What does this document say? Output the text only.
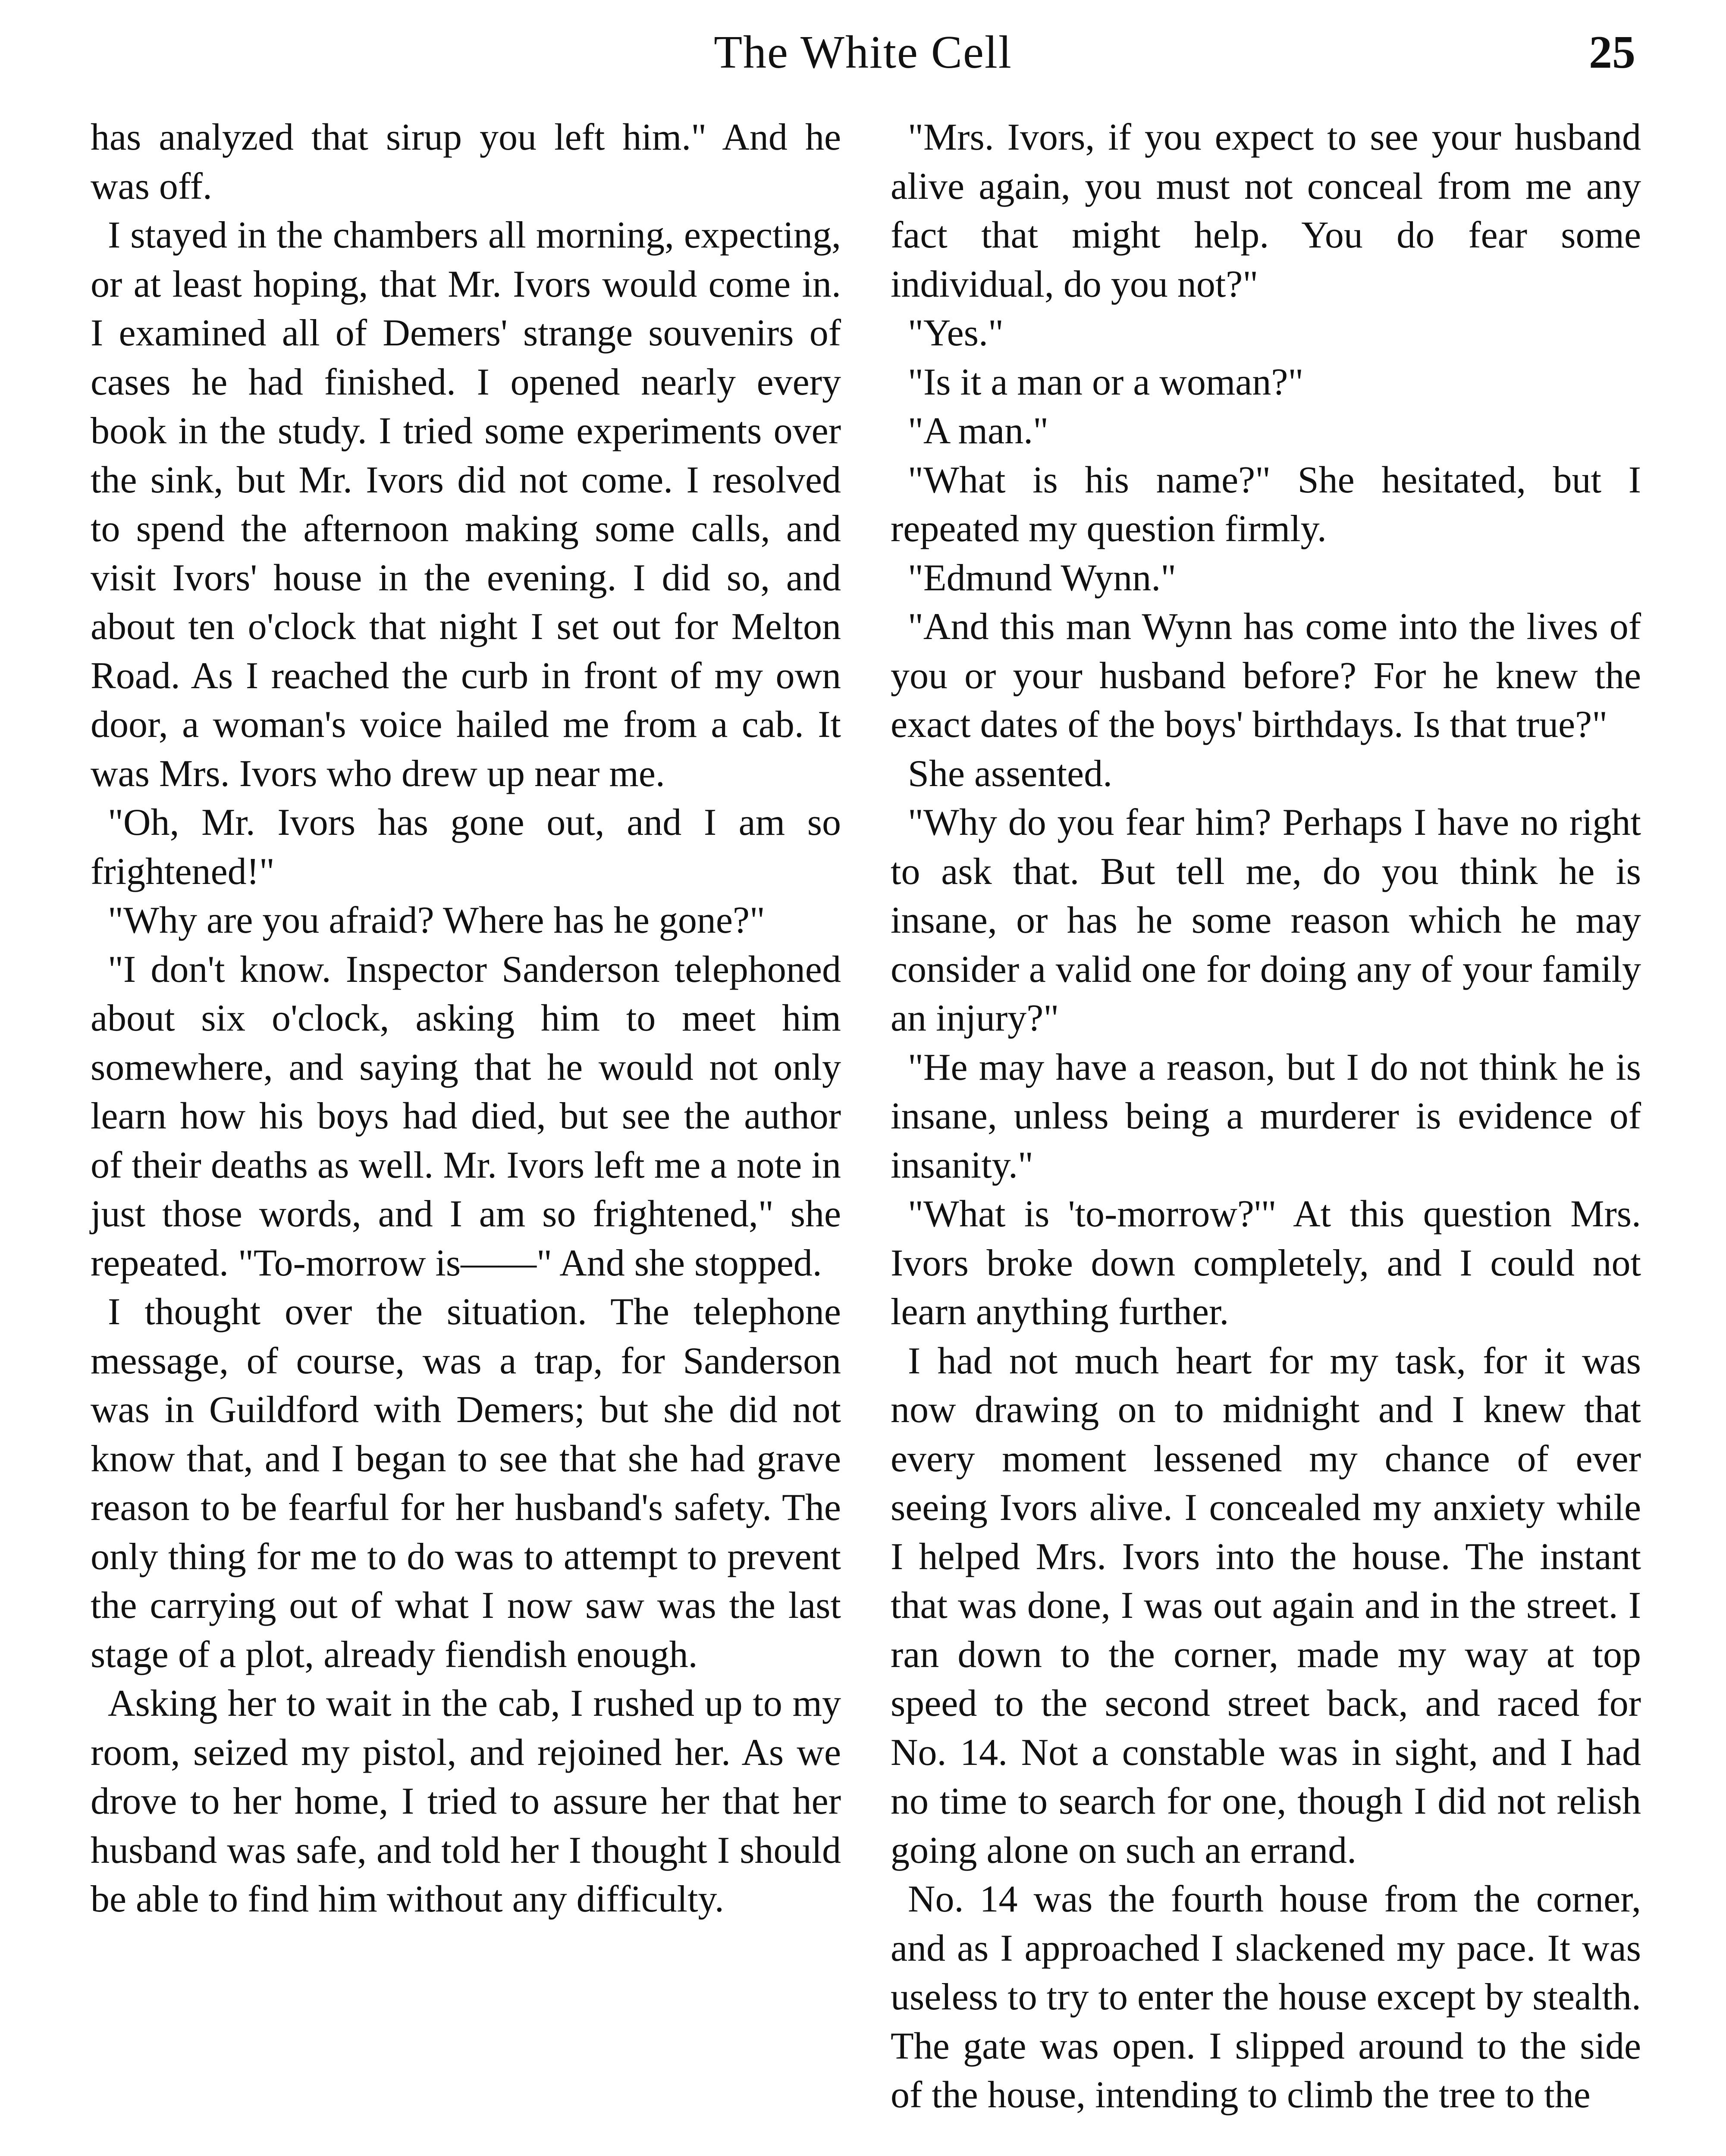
The White Cell	25

has analyzed that sirup you left him." And he was off.

I stayed in the chambers all morning, expecting, or at least hoping, that Mr. Ivors would come in. I examined all of Demers' strange souvenirs of cases he had finished. I opened nearly every book in the study. I tried some experiments over the sink, but Mr. Ivors did not come. I resolved to spend the afternoon making some calls, and visit Ivors' house in the evening. I did so, and about ten o'clock that night I set out for Melton Road. As I reached the curb in front of my own door, a woman's voice hailed me from a cab. It was Mrs. Ivors who drew up near me.

"Oh, Mr. Ivors has gone out, and I am so frightened!"

"Why are you afraid? Where has he gone?"

"I don't know. Inspector Sanderson telephoned about six o'clock, asking him to meet him somewhere, and saying that he would not only learn how his boys had died, but see the author of their deaths as well. Mr. Ivors left me a note in just those words, and I am so frightened," she repeated. "To-morrow is——" And she stopped.

I thought over the situation. The telephone message, of course, was a trap, for Sanderson was in Guildford with Demers; but she did not know that, and I began to see that she had grave reason to be fearful for her husband's safety. The only thing for me to do was to attempt to prevent the carrying out of what I now saw was the last stage of a plot, already fiendish enough.

Asking her to wait in the cab, I rushed up to my room, seized my pistol, and rejoined her. As we drove to her home, I tried to assure her that her husband was safe, and told her I thought I should be able to find him without any difficulty.

"Mrs. Ivors, if you expect to see your husband alive again, you must not conceal from me any fact that might help. You do fear some individual, do you not?"

"Yes."

"Is it a man or a woman?"

"A man."

"What is his name?" She hesitated, but I repeated my question firmly.

"Edmund Wynn."

"And this man Wynn has come into the lives of you or your husband before? For he knew the exact dates of the boys' birthdays. Is that true?"

She assented.

"Why do you fear him? Perhaps I have no right to ask that. But tell me, do you think he is insane, or has he some reason which he may consider a valid one for doing any of your family an injury?"

"He may have a reason, but I do not think he is insane, unless being a murderer is evidence of insanity."

"What is 'to-morrow?'" At this question Mrs. Ivors broke down completely, and I could not learn anything further.

I had not much heart for my task, for it was now drawing on to midnight and I knew that every moment lessened my chance of ever seeing Ivors alive. I concealed my anxiety while I helped Mrs. Ivors into the house. The instant that was done, I was out again and in the street. I ran down to the corner, made my way at top speed to the second street back, and raced for No. 14. Not a constable was in sight, and I had no time to search for one, though I did not relish going alone on such an errand.

No. 14 was the fourth house from the corner, and as I approached I slackened my pace. It was useless to try to enter the house except by stealth. The gate was open. I slipped around to the side of the house, intending to climb the tree to the
